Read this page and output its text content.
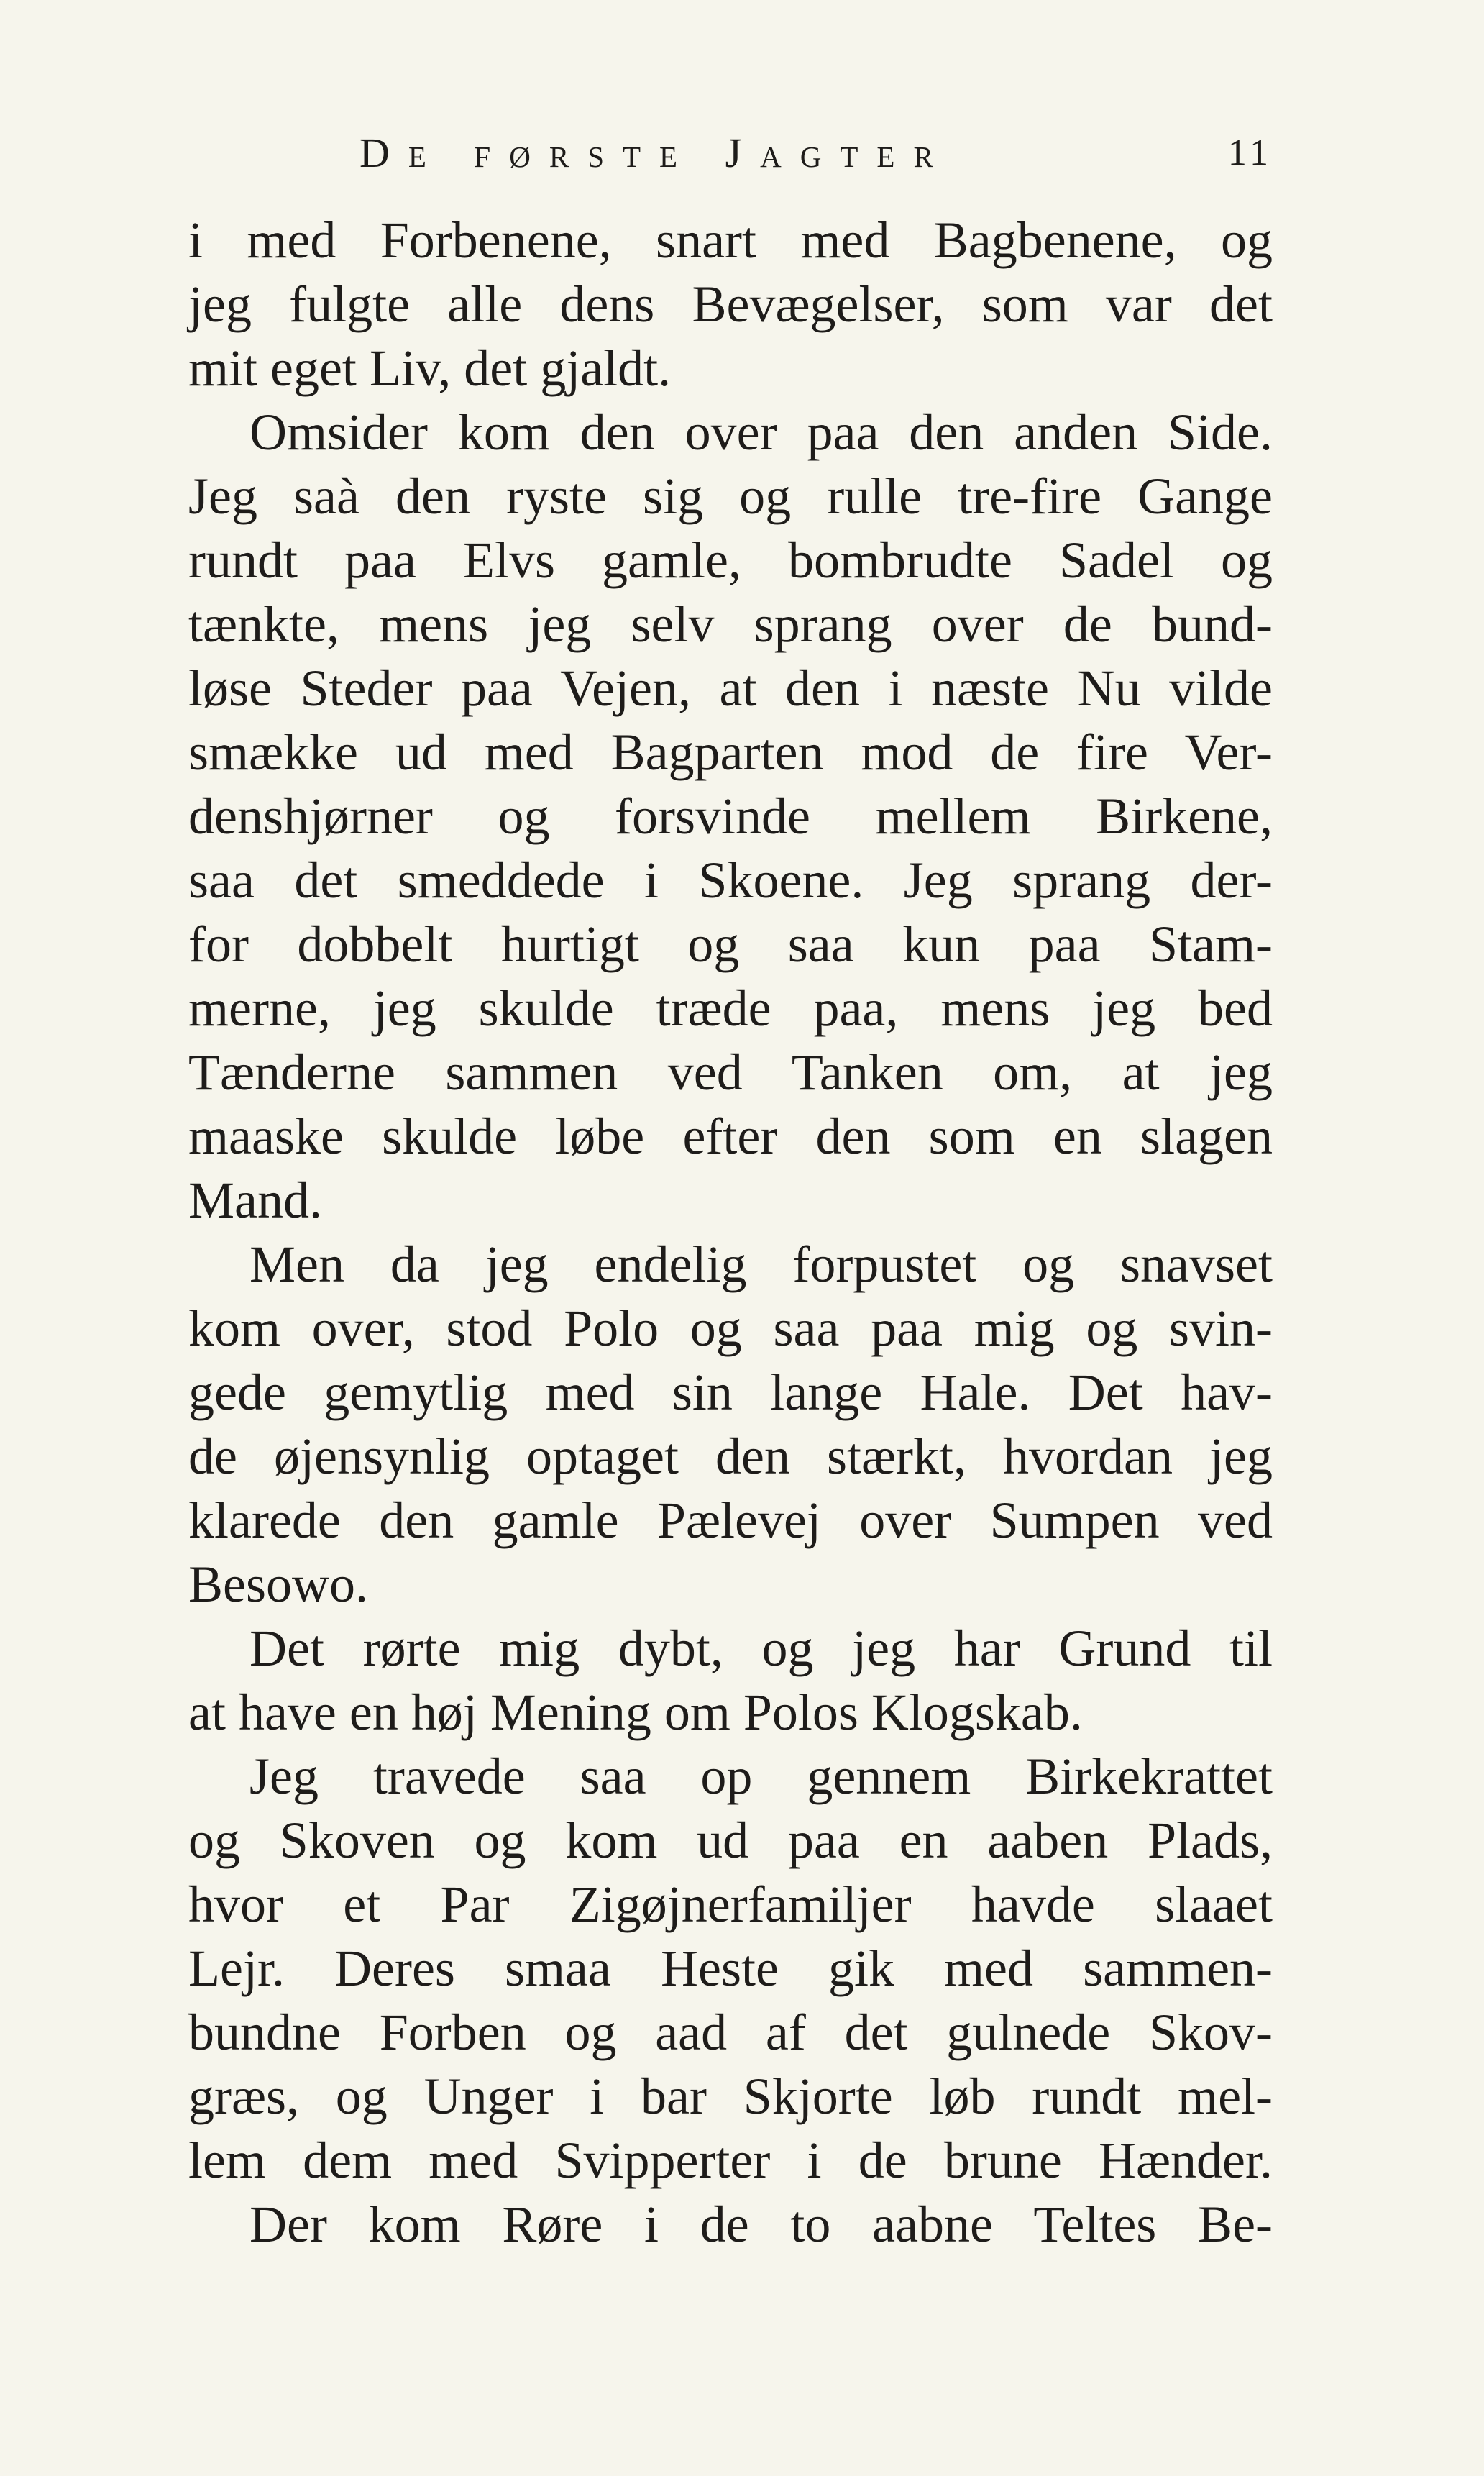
De første Jagter	11
i med Forbenene, snart med Bagbenene, og
jeg fulgte alle dens Bevægelser, som var det
mit eget Liv, det gjaldt.
Omsider kom den over paa den anden Side.
Jeg saà den ryste sig og rulle tre-fire Gange
rundt paa Elvs gamle, bombrudte Sadel og
tænkte, mens jeg selv sprang over de bund-
løse Steder paa Vejen, at den i næste Nu vilde
smække ud med Bagparten mod de fire Ver-
denshjørner og forsvinde mellem Birkene,
saa det smeddede i Skoene. Jeg sprang der-
for dobbelt hurtigt og saa kun paa Stam-
merne, jeg skulde træde paa, mens jeg bed
Tænderne sammen ved Tanken om, at jeg
maaske skulde løbe efter den som en slagen
Mand.
Men da jeg endelig forpustet og snavset
kom over, stod Polo og saa paa mig og svin-
gede gemytlig med sin lange Hale. Det hav-
de øjensynlig optaget den stærkt, hvordan jeg
klarede den gamle Pælevej over Sumpen ved
Besowo.
Det rørte mig dybt, og jeg har Grund til
at have en høj Mening om Polos Klogskab.
Jeg travede saa op gennem Birkekrattet
og Skoven og kom ud paa en aaben Plads,
hvor et Par Zigøjnerfamiljer havde slaaet
Lejr. Deres smaa Heste gik med sammen-
bundne Forben og aad af det gulnede Skov-
græs, og Unger i bar Skjorte løb rundt mel-
lem dem med Svipperter i de brune Hænder.
Der kom Røre i de to aabne Teltes Be-
